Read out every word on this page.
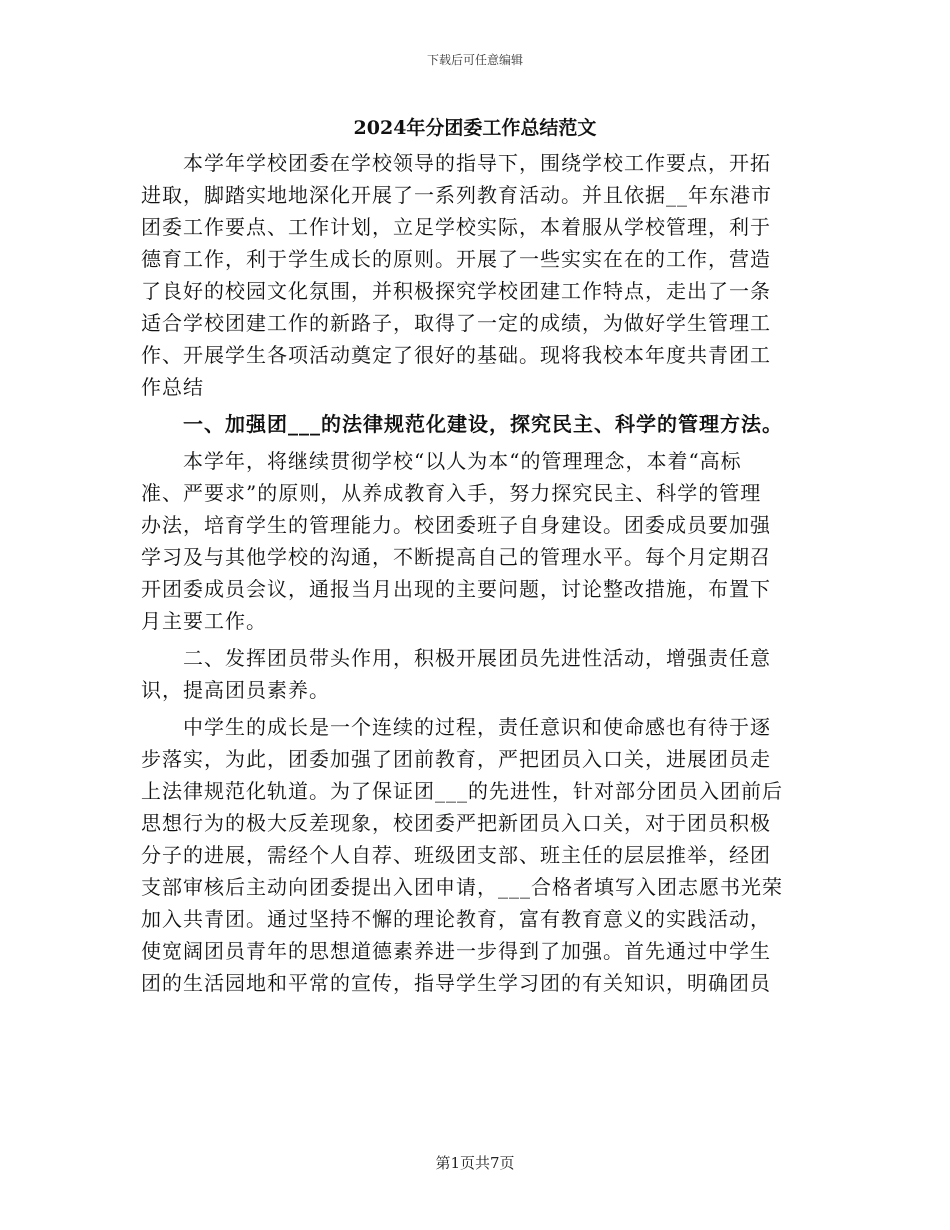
下载后可任意编辑
2024年分团委工作总结范文

　　本学年学校团委在学校领导的指导下，围绕学校工作要点，开拓
进取，脚踏实地地深化开展了一系列教育活动。并且依据__年东港市
团委工作要点、工作计划，立足学校实际，本着服从学校管理，利于
德育工作，利于学生成长的原则。开展了一些实实在在的工作，营造
了良好的校园文化氛围，并积极探究学校团建工作特点，走出了一条
适合学校团建工作的新路子，取得了一定的成绩，为做好学生管理工
作、开展学生各项活动奠定了很好的基础。现将我校本年度共青团工
作总结

　　一、加强团___的法律规范化建设，探究民主、科学的管理方法。

　　本学年，将继续贯彻学校“以人为本“的管理理念，本着“高标
准、严要求”的原则，从养成教育入手，努力探究民主、科学的管理
办法，培育学生的管理能力。校团委班子自身建设。团委成员要加强
学习及与其他学校的沟通，不断提高自己的管理水平。每个月定期召
开团委成员会议，通报当月出现的主要问题，讨论整改措施，布置下
月主要工作。

　　二、发挥团员带头作用，积极开展团员先进性活动，增强责任意
识，提高团员素养。

　　中学生的成长是一个连续的过程，责任意识和使命感也有待于逐
步落实，为此，团委加强了团前教育，严把团员入口关，进展团员走
上法律规范化轨道。为了保证团___的先进性，针对部分团员入团前后
思想行为的极大反差现象，校团委严把新团员入口关，对于团员积极
分子的进展，需经个人自荐、班级团支部、班主任的层层推举，经团
支部审核后主动向团委提出入团申请，___合格者填写入团志愿书光荣
加入共青团。通过坚持不懈的理论教育，富有教育意义的实践活动，
使宽阔团员青年的思想道德素养进一步得到了加强。首先通过中学生
团的生活园地和平常的宣传，指导学生学习团的有关知识，明确团员

第1页共7页
